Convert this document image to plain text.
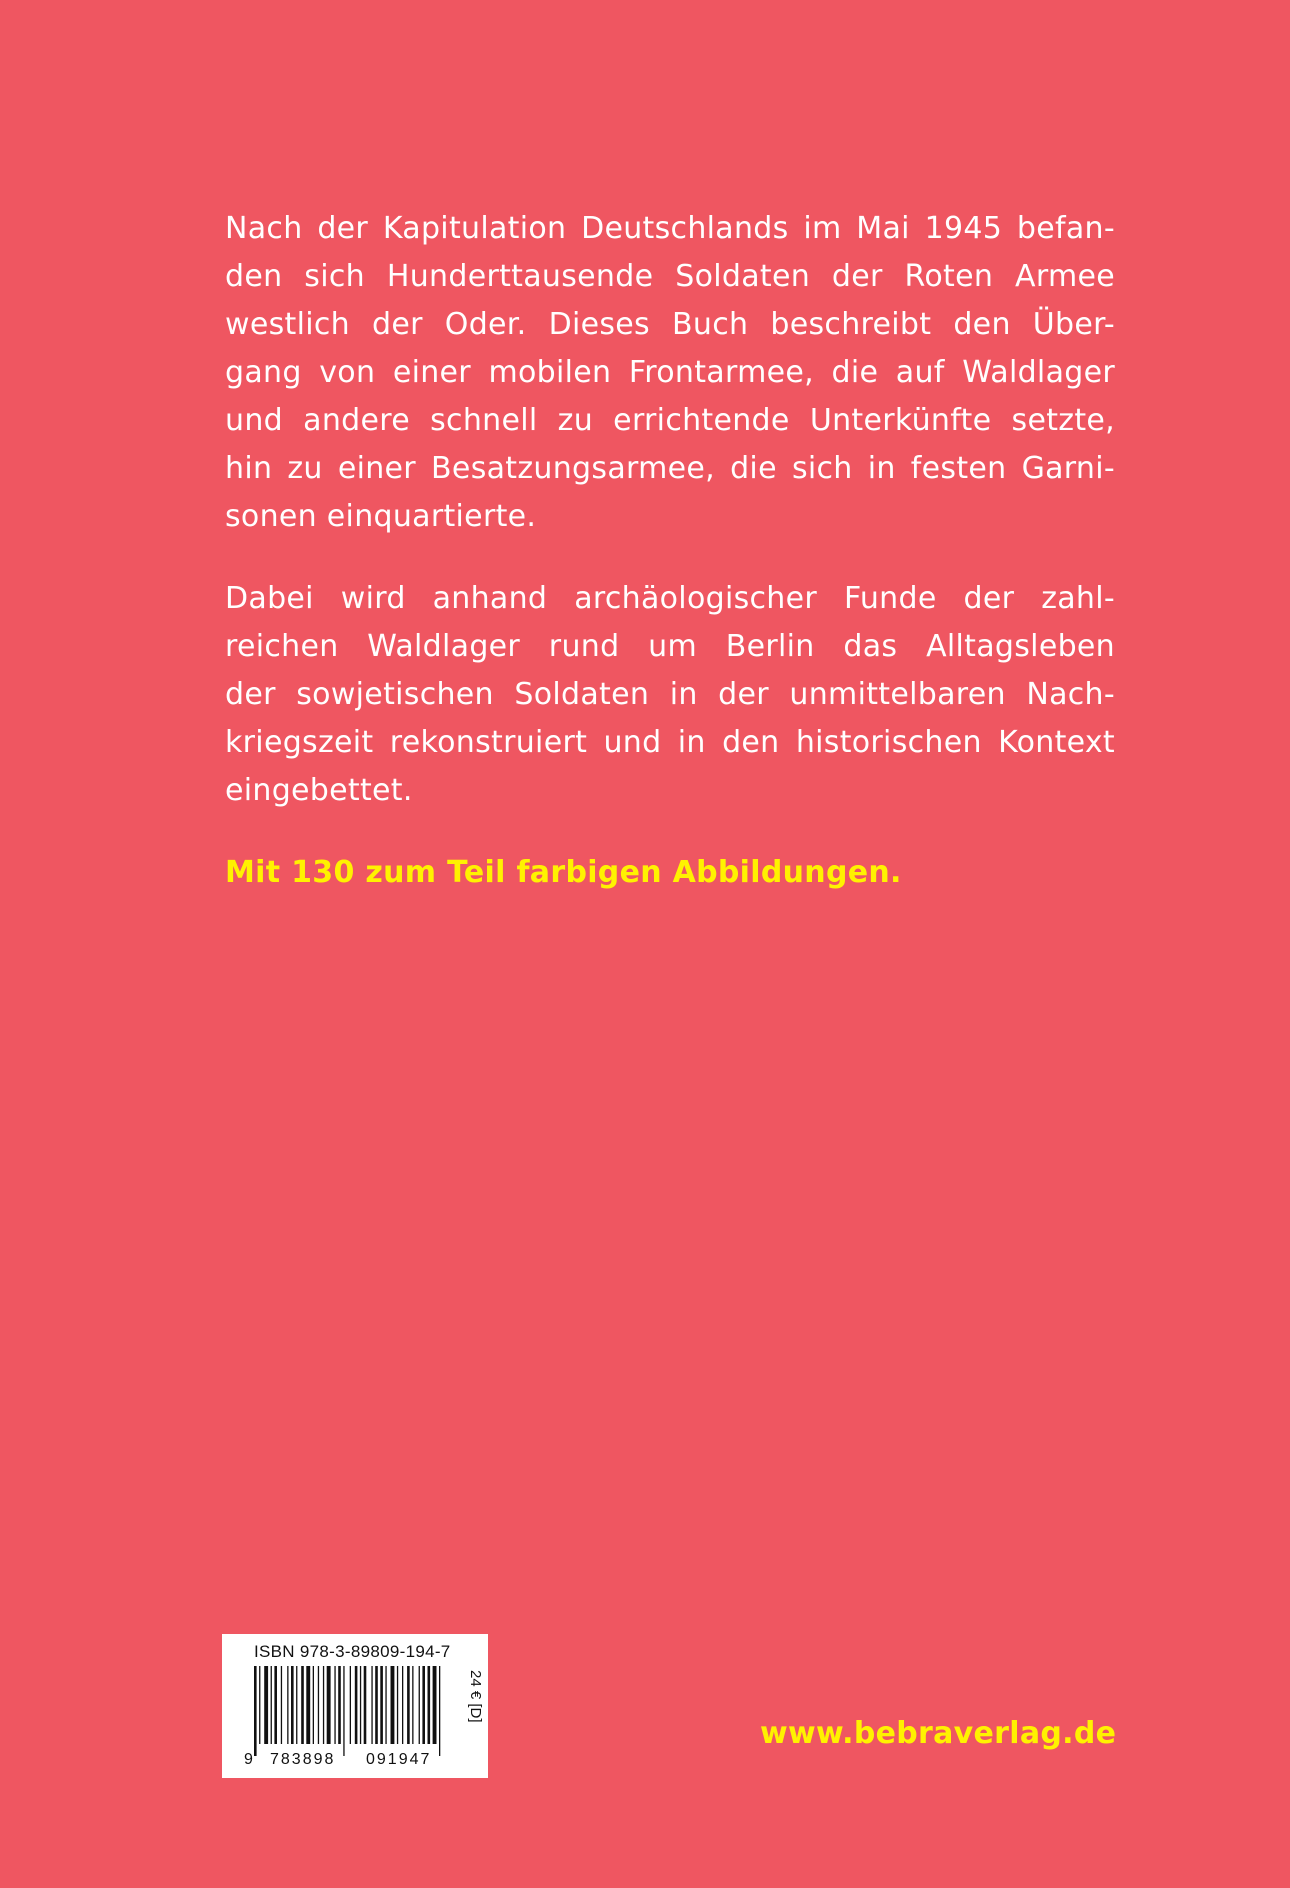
Nach der Kapitulation Deutschlands im Mai 1945 befan-
den sich Hunderttausende Soldaten der Roten Armee
westlich der Oder. Dieses Buch beschreibt den Über-
gang von einer mobilen Frontarmee, die auf Waldlager
und andere schnell zu errichtende Unterkünfte setzte,
hin zu einer Besatzungsarmee, die sich in festen Garni-
sonen einquartierte.

Dabei wird anhand archäologischer Funde der zahl-
reichen Waldlager rund um Berlin das Alltagsleben
der sowjetischen Soldaten in der unmittelbaren Nach-
kriegszeit rekonstruiert und in den historischen Kontext
eingebettet.

Mit 130 zum Teil farbigen Abbildungen.

ISBN 978-3-89809-194-7
9 783898 091947
24 € [D]
www.bebraverlag.de
